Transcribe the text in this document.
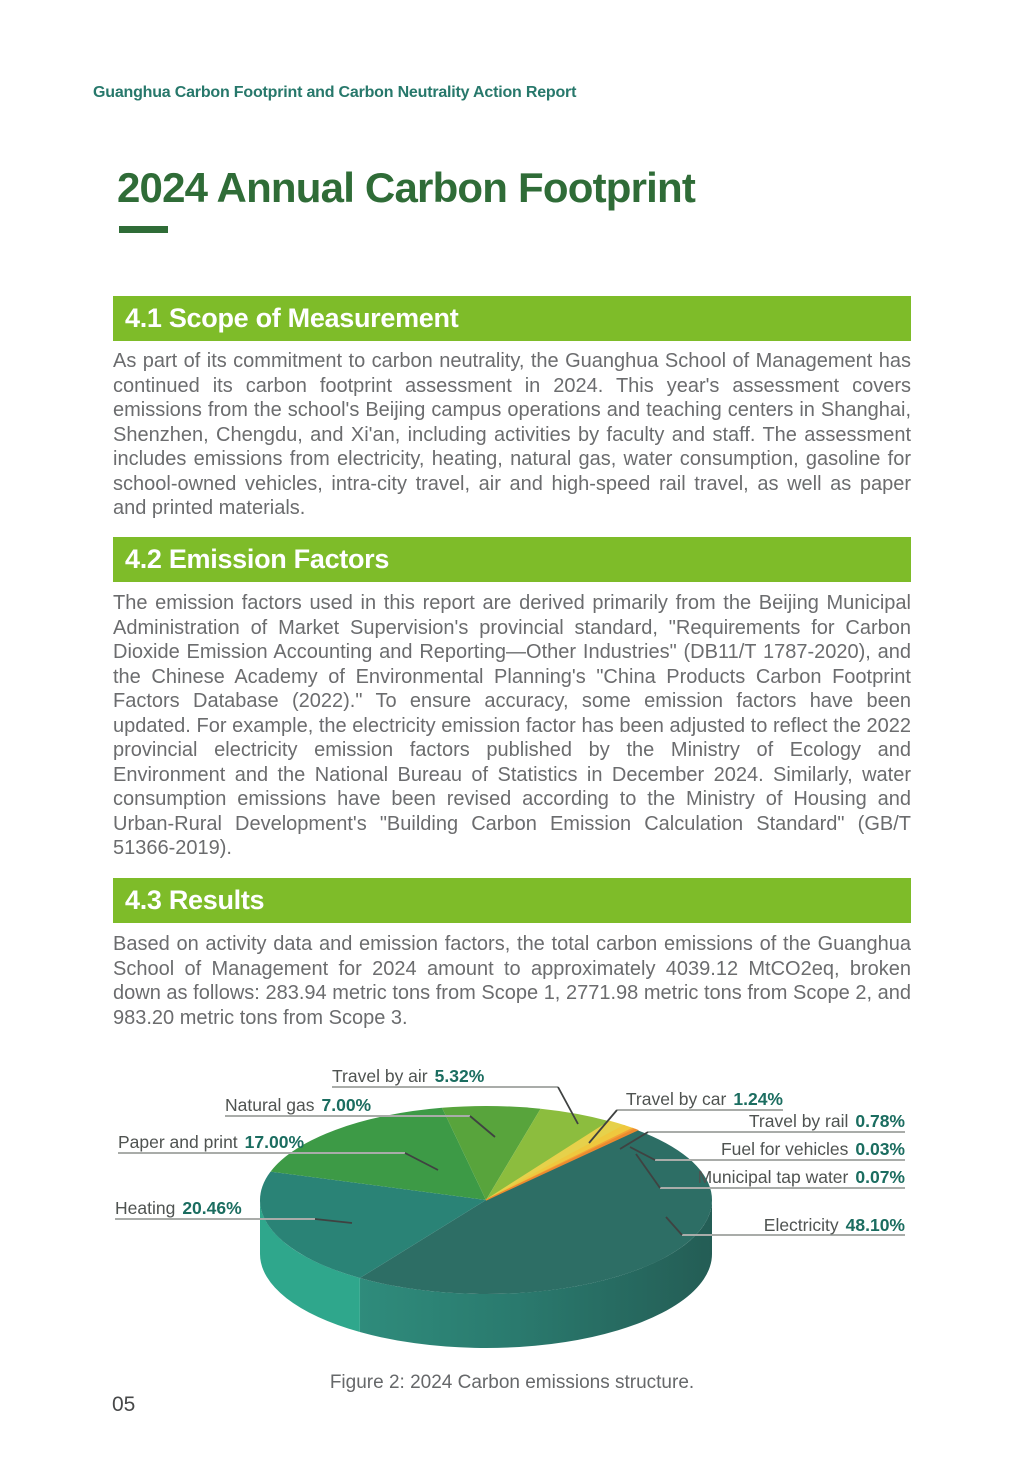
Guanghua Carbon Footprint and Carbon Neutrality Action Report
2024 Annual Carbon Footprint
4.1 Scope of Measurement

As part of its commitment to carbon neutrality, the Guanghua School of Management has continued its carbon footprint assessment in 2024. This year's assessment covers emissions from the school's Beijing campus operations and teaching centers in Shanghai, Shenzhen, Chengdu, and Xi'an, including activities by faculty and staff. The assessment includes emissions from electricity, heating, natural gas, water consumption, gasoline for school-owned vehicles, intra-city travel, air and high-speed rail travel, as well as paper and printed materials.

4.2 Emission Factors

The emission factors used in this report are derived primarily from the Beijing Municipal Administration of Market Supervision's provincial standard, "Requirements for Carbon Dioxide Emission Accounting and Reporting—Other Industries" (DB11/T 1787-2020), and the Chinese Academy of Environmental Planning's "China Products Carbon Footprint Factors Database (2022)." To ensure accuracy, some emission factors have been updated. For example, the electricity emission factor has been adjusted to reflect the 2022 provincial electricity emission factors published by the Ministry of Ecology and Environment and the National Bureau of Statistics in December 2024. Similarly, water consumption emissions have been revised according to the Ministry of Housing and Urban-Rural Development's "Building Carbon Emission Calculation Standard" (GB/T 51366-2019).

4.3 Results

Based on activity data and emission factors, the total carbon emissions of the Guanghua School of Management for 2024 amount to approximately 4039.12 MtCO2eq, broken down as follows: 283.94 metric tons from Scope 1, 2771.98 metric tons from Scope 2, and 983.20 metric tons from Scope 3.

Electricity 48.10%
Heating 20.46%
Paper and print 17.00%
Natural gas 7.00%
Travel by air 5.32%
Travel by car 1.24%
Travel by rail 0.78%
Fuel for vehicles 0.03%
Municipal tap water 0.07%
Figure 2: 2024 Carbon emissions structure.
05
